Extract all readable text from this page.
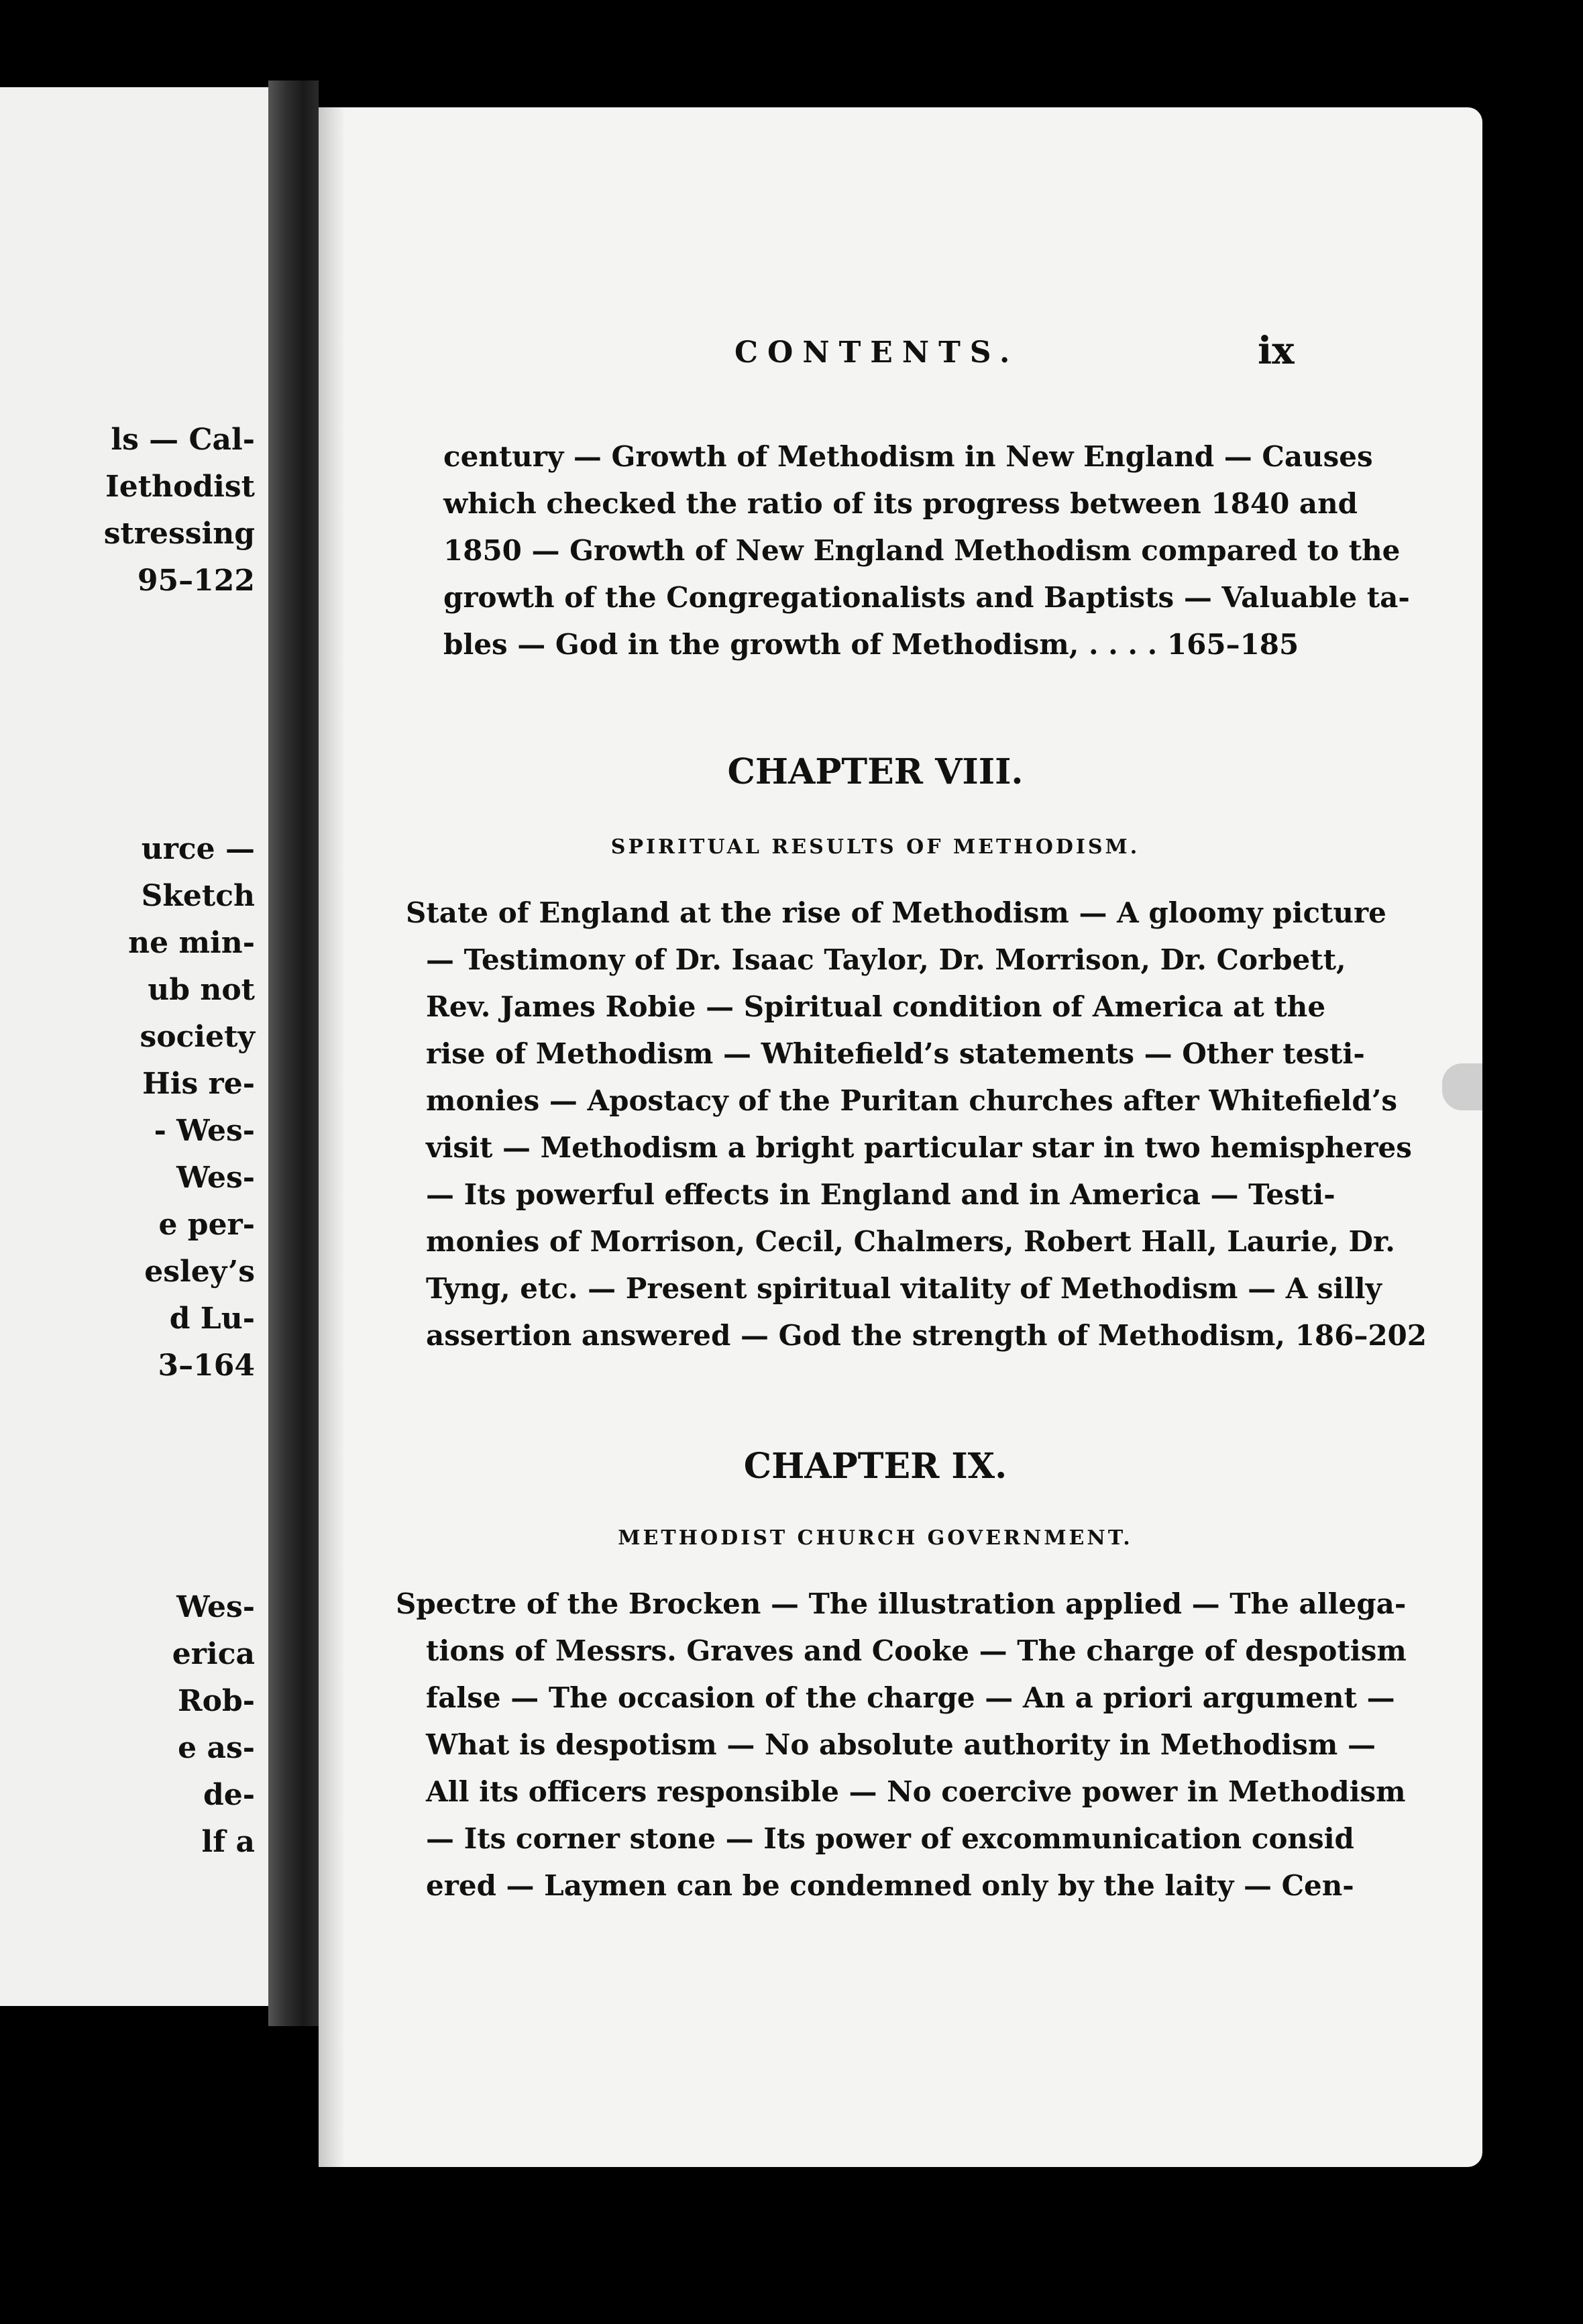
ls — Cal-
Iethodist
stressing
95–122
urce —
Sketch
ne min-
ub not
society
His re-
- Wes-
Wes-
e per-
esley’s
d Lu-
3–164
Wes-
erica
Rob-
e as-
de-
lf a
CONTENTS.	ix
century — Growth of Methodism in New England — Causes
which checked the ratio of its progress between 1840 and
1850 — Growth of New England Methodism compared to the
growth of the Congregationalists and Baptists — Valuable ta-
bles — God in the growth of Methodism, . . . . 165–185
CHAPTER VIII.
SPIRITUAL RESULTS OF METHODISM.
State of England at the rise of Methodism — A gloomy picture
— Testimony of Dr. Isaac Taylor, Dr. Morrison, Dr. Corbett,
Rev. James Robie — Spiritual condition of America at the
rise of Methodism — Whitefield’s statements — Other testi-
monies — Apostacy of the Puritan churches after Whitefield’s
visit — Methodism a bright particular star in two hemispheres
— Its powerful effects in England and in America — Testi-
monies of Morrison, Cecil, Chalmers, Robert Hall, Laurie, Dr.
Tyng, etc. — Present spiritual vitality of Methodism — A silly
assertion answered — God the strength of Methodism, 186–202
CHAPTER IX.
METHODIST CHURCH GOVERNMENT.
Spectre of the Brocken — The illustration applied — The allega-
tions of Messrs. Graves and Cooke — The charge of despotism
false — The occasion of the charge — An a priori argument —
What is despotism — No absolute authority in Methodism —
All its officers responsible — No coercive power in Methodism
— Its corner stone — Its power of excommunication consid
ered — Laymen can be condemned only by the laity — Cen-
